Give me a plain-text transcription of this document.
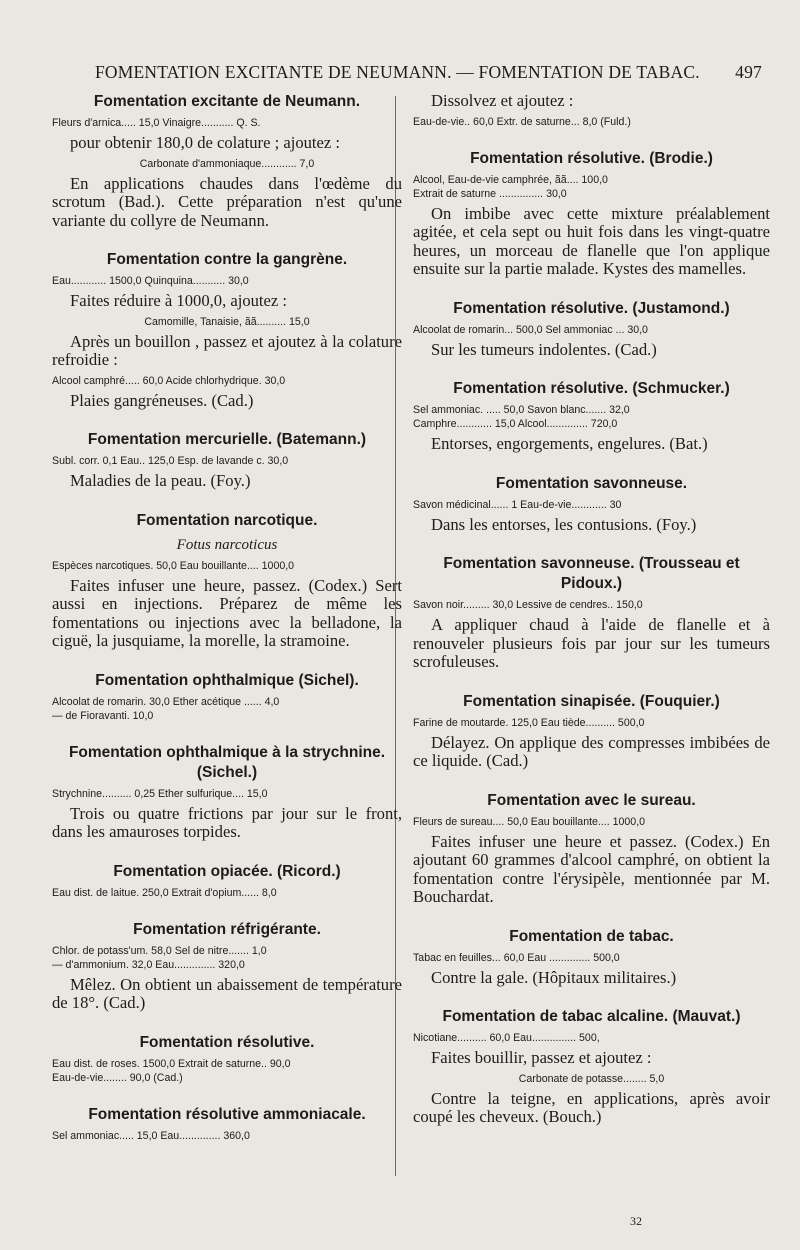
FOMENTATION EXCITANTE DE NEUMANN. — FOMENTATION DE TABAC. 497
Fomentation excitante de Neumann.
Fleurs d'arnica..... 15,0 Vinaigre........... Q. S.
pour obtenir 180,0 de colature ; ajoutez :
Carbonate d'ammoniaque............ 7,0
En applications chaudes dans l'œdème du scrotum (Bad.). Cette préparation n'est qu'une variante du collyre de Neumann.
Fomentation contre la gangrène.
Eau............ 1500,0 Quinquina........... 30,0
Faites réduire à 1000,0, ajoutez :
Camomille, Tanaisie, ãã.......... 15,0
Après un bouillon , passez et ajoutez à la colature refroidie :
Alcool camphré..... 60,0 Acide chlorhydrique. 30,0
Plaies gangréneuses. (Cad.)
Fomentation mercurielle. (Batemann.)
Subl. corr. 0,1 Eau.. 125,0 Esp. de lavande c. 30,0
Maladies de la peau. (Foy.)
Fomentation narcotique.
Fotus narcoticus
Espèces narcotiques. 50,0 Eau bouillante.... 1000,0
Faites infuser une heure, passez. (Codex.) Sert aussi en injections. Préparez de même les fomentations ou injections avec la belladone, la ciguë, la jusquiame, la morelle, la stramoine.
Fomentation ophthalmique (Sichel).
Alcoolat de romarin. 30,0 Ether acétique ...... 4,0
— de Fioravanti. 10,0
Fomentation ophthalmique à la strychnine. (Sichel.)
Strychnine.......... 0,25 Ether sulfurique.... 15,0
Trois ou quatre frictions par jour sur le front, dans les amauroses torpides.
Fomentation opiacée. (Ricord.)
Eau dist. de laitue. 250,0 Extrait d'opium...... 8,0
Fomentation réfrigérante.
Chlor. de potass'um. 58,0 Sel de nitre....... 1,0
— d'ammonium. 32,0 Eau.............. 320,0
Mêlez. On obtient un abaissement de température de 18°. (Cad.)
Fomentation résolutive.
Eau dist. de roses. 1500,0 Extrait de saturne.. 90,0
Eau-de-vie........ 90,0 (Cad.)
Fomentation résolutive ammoniacale.
Sel ammoniac..... 15,0 Eau.............. 360,0
Dissolvez et ajoutez :
Eau-de-vie.. 60,0 Extr. de saturne... 8,0 (Fuld.)
Fomentation résolutive. (Brodie.)
Alcool, Eau-de-vie camphrée, ãã.... 100,0
Extrait de saturne ............... 30,0
On imbibe avec cette mixture préalablement agitée, et cela sept ou huit fois dans les vingt-quatre heures, un morceau de flanelle que l'on applique ensuite sur la partie malade. Kystes des mamelles.
Fomentation résolutive. (Justamond.)
Alcoolat de romarin... 500,0 Sel ammoniac ... 30,0
Sur les tumeurs indolentes. (Cad.)
Fomentation résolutive. (Schmucker.)
Sel ammoniac. ..... 50,0 Savon blanc....... 32,0
Camphre............ 15,0 Alcool.............. 720,0
Entorses, engorgements, engelures. (Bat.)
Fomentation savonneuse.
Savon médicinal...... 1 Eau-de-vie............ 30
Dans les entorses, les contusions. (Foy.)
Fomentation savonneuse. (Trousseau et Pidoux.)
Savon noir......... 30,0 Lessive de cendres.. 150,0
A appliquer chaud à l'aide de flanelle et à renouveler plusieurs fois par jour sur les tumeurs scrofuleuses.
Fomentation sinapisée. (Fouquier.)
Farine de moutarde. 125,0 Eau tiède.......... 500,0
Délayez. On applique des compresses imbibées de ce liquide. (Cad.)
Fomentation avec le sureau.
Fleurs de sureau.... 50,0 Eau bouillante.... 1000,0
Faites infuser une heure et passez. (Codex.) En ajoutant 60 grammes d'alcool camphré, on obtient la fomentation contre l'érysipèle, mentionnée par M. Bouchardat.
Fomentation de tabac.
Tabac en feuilles... 60,0 Eau .............. 500,0
Contre la gale. (Hôpitaux militaires.)
Fomentation de tabac alcaline. (Mauvat.)
Nicotiane.......... 60,0 Eau............... 500,
Faites bouillir, passez et ajoutez :
Carbonate de potasse........ 5,0
Contre la teigne, en applications, après avoir coupé les cheveux. (Bouch.)
32
